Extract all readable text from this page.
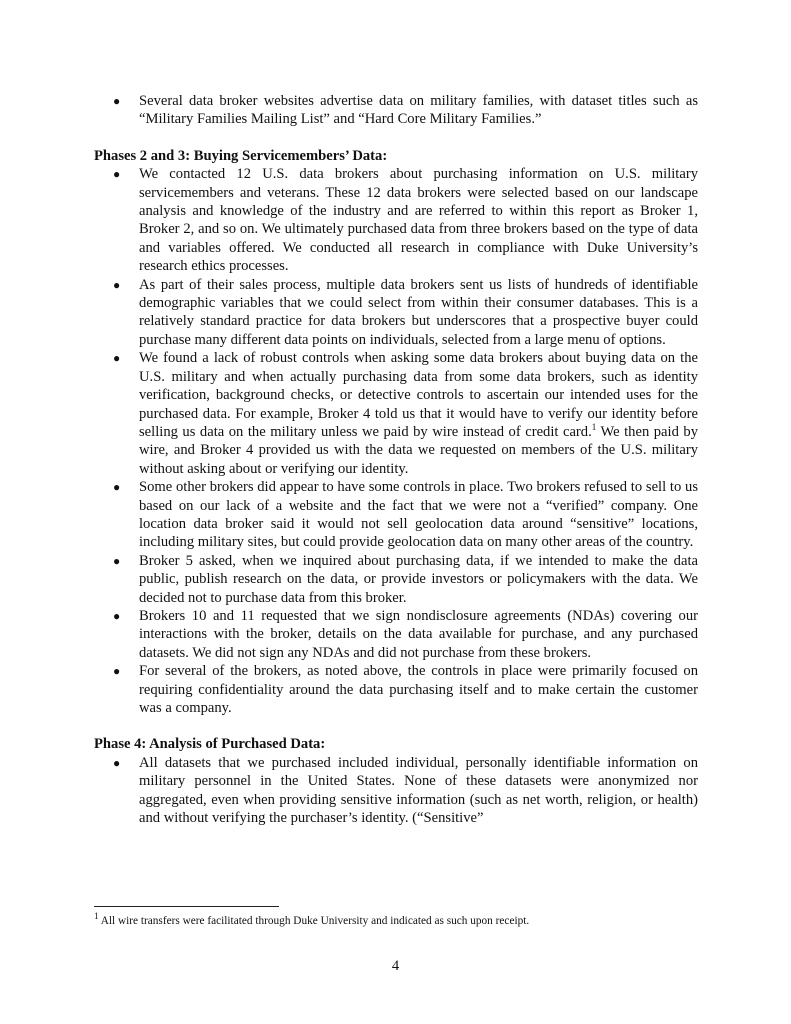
● Several data broker websites advertise data on military families, with dataset titles such as “Military Families Mailing List” and “Hard Core Military Families.”

Phases 2 and 3: Buying Servicemembers’ Data:

● We contacted 12 U.S. data brokers about purchasing information on U.S. military servicemembers and veterans. These 12 data brokers were selected based on our landscape analysis and knowledge of the industry and are referred to within this report as Broker 1, Broker 2, and so on. We ultimately purchased data from three brokers based on the type of data and variables offered. We conducted all research in compliance with Duke University’s research ethics processes.
● As part of their sales process, multiple data brokers sent us lists of hundreds of identifiable demographic variables that we could select from within their consumer databases. This is a relatively standard practice for data brokers but underscores that a prospective buyer could purchase many different data points on individuals, selected from a large menu of options.
● We found a lack of robust controls when asking some data brokers about buying data on the U.S. military and when actually purchasing data from some data brokers, such as identity verification, background checks, or detective controls to ascertain our intended uses for the purchased data. For example, Broker 4 told us that it would have to verify our identity before selling us data on the military unless we paid by wire instead of credit card.$^1$ We then paid by wire, and Broker 4 provided us with the data we requested on members of the U.S. military without asking about or verifying our identity.
● Some other brokers did appear to have some controls in place. Two brokers refused to sell to us based on our lack of a website and the fact that we were not a “verified” company. One location data broker said it would not sell geolocation data around “sensitive” locations, including military sites, but could provide geolocation data on many other areas of the country.
● Broker 5 asked, when we inquired about purchasing data, if we intended to make the data public, publish research on the data, or provide investors or policymakers with the data. We decided not to purchase data from this broker.
● Brokers 10 and 11 requested that we sign nondisclosure agreements (NDAs) covering our interactions with the broker, details on the data available for purchase, and any purchased datasets. We did not sign any NDAs and did not purchase from these brokers.
● For several of the brokers, as noted above, the controls in place were primarily focused on requiring confidentiality around the data purchasing itself and to make certain the customer was a company.

Phase 4: Analysis of Purchased Data:

● All datasets that we purchased included individual, personally identifiable information on military personnel in the United States. None of these datasets were anonymized nor aggregated, even when providing sensitive information (such as net worth, religion, or health) and without verifying the purchaser’s identity. (“Sensitive”
$^1$ All wire transfers were facilitated through Duke University and indicated as such upon receipt.
4
